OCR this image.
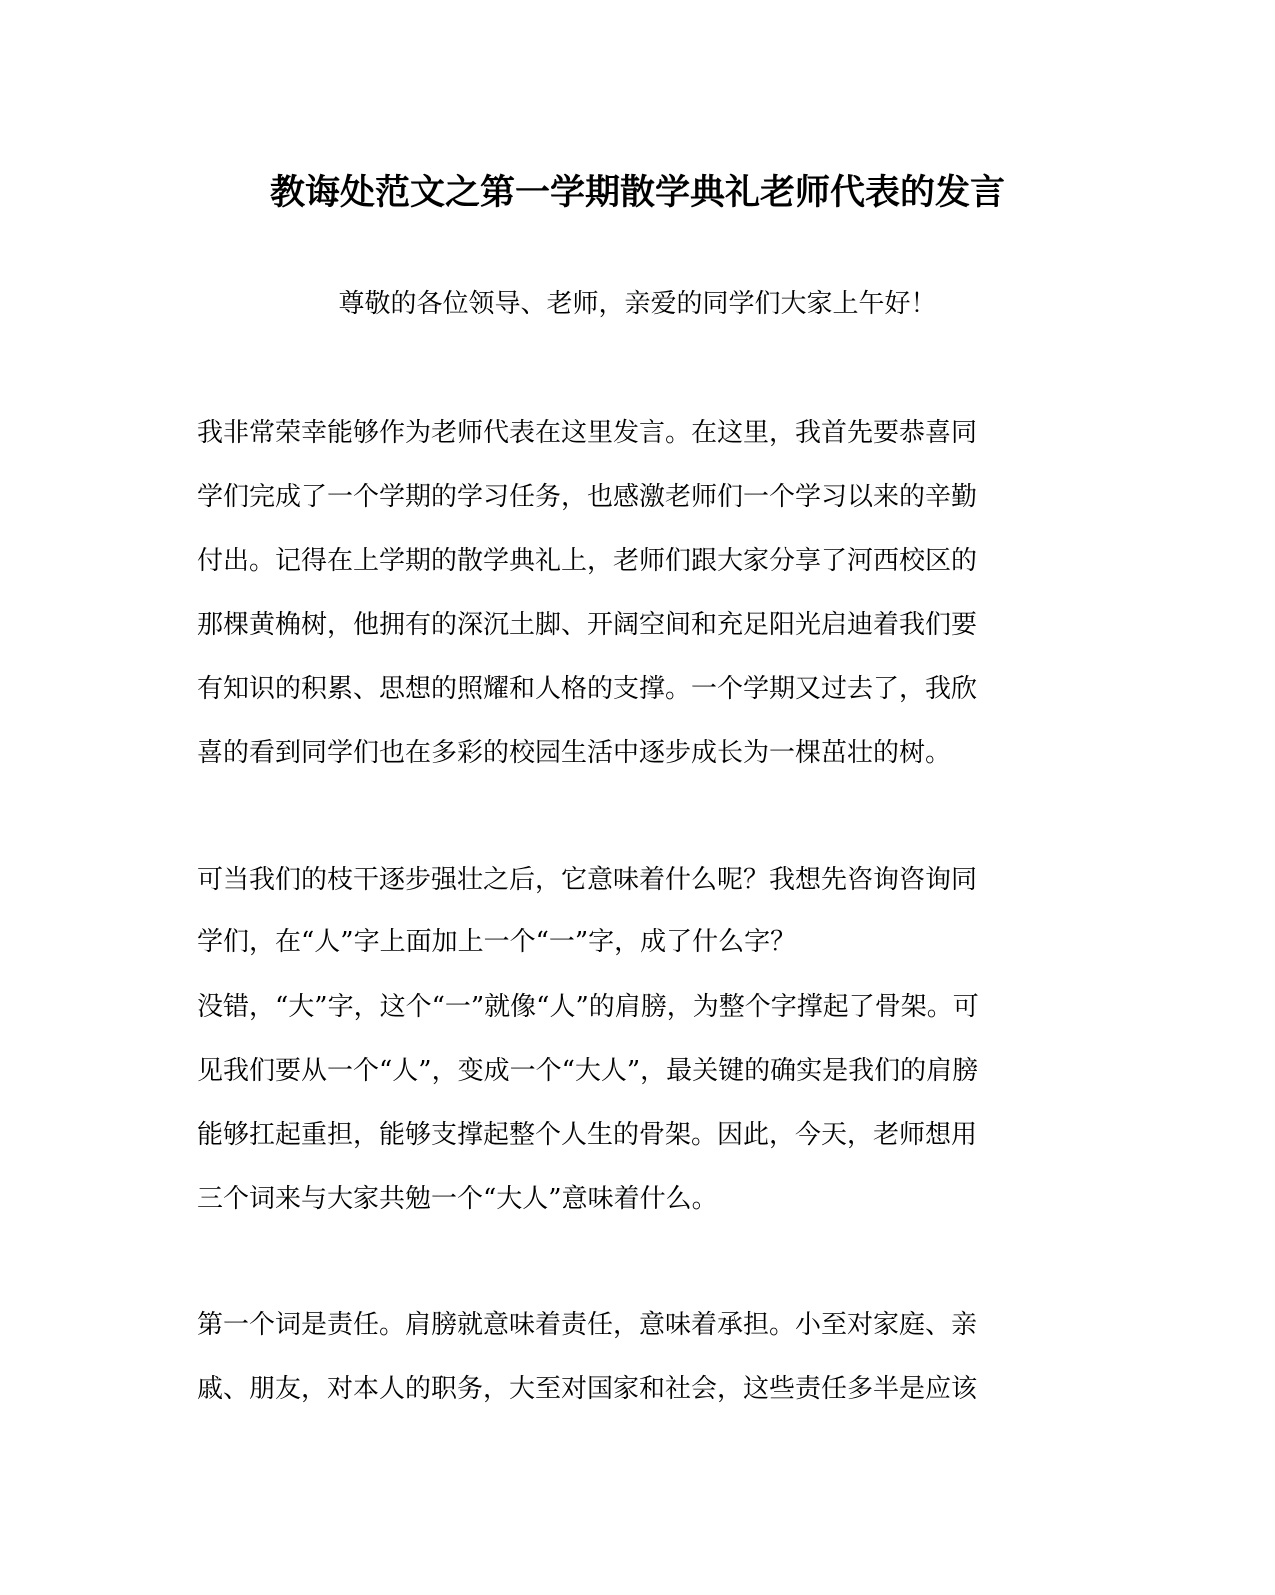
教诲处范文之第一学期散学典礼老师代表的发言
尊敬的各位领导、老师，亲爱的同学们大家上午好！
我非常荣幸能够作为老师代表在这里发言。在这里，我首先要恭喜同
学们完成了一个学期的学习任务，也感激老师们一个学习以来的辛勤
付出。记得在上学期的散学典礼上，老师们跟大家分享了河西校区的
那棵黄桷树，他拥有的深沉土脚、开阔空间和充足阳光启迪着我们要
有知识的积累、思想的照耀和人格的支撑。一个学期又过去了，我欣
喜的看到同学们也在多彩的校园生活中逐步成长为一棵茁壮的树。
可当我们的枝干逐步强壮之后，它意味着什么呢？我想先咨询咨询同
学们，在“人”字上面加上一个“一”字，成了什么字？
没错，“大”字，这个“一”就像“人”的肩膀，为整个字撑起了骨架。可
见我们要从一个“人”，变成一个“大人”，最关键的确实是我们的肩膀
能够扛起重担，能够支撑起整个人生的骨架。因此，今天，老师想用
三个词来与大家共勉一个“大人”意味着什么。
第一个词是责任。肩膀就意味着责任，意味着承担。小至对家庭、亲
戚、朋友，对本人的职务，大至对国家和社会，这些责任多半是应该
